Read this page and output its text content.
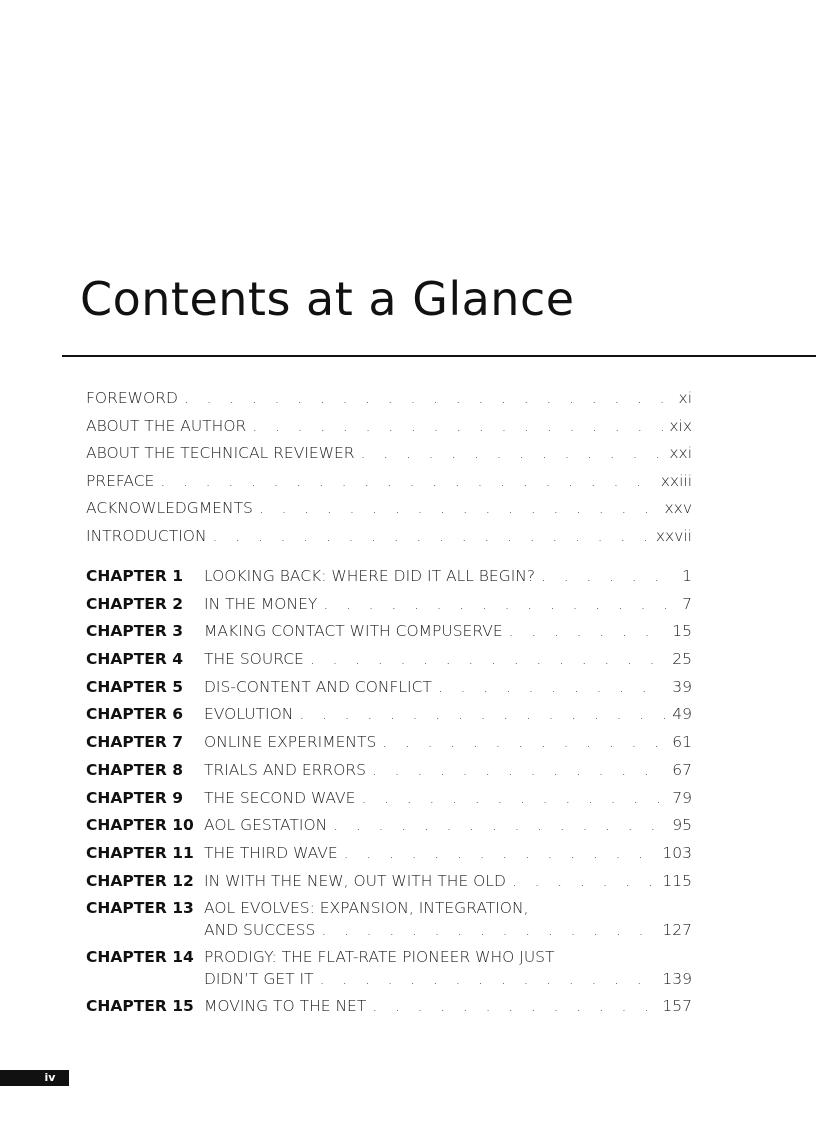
Contents at a Glance
FOREWORD . . .	xi
ABOUT THE AUTHOR . . .	xix
ABOUT THE TECHNICAL REVIEWER . . .	xxi
PREFACE . . .	xxiii
ACKNOWLEDGMENTS . . .	xxv
INTRODUCTION . . .	xxvii
CHAPTER 1	LOOKING BACK: WHERE DID IT ALL BEGIN? . . .	1
CHAPTER 2	IN THE MONEY . . .	7
CHAPTER 3	MAKING CONTACT WITH COMPUSERVE . . .	15
CHAPTER 4	THE SOURCE . . .	25
CHAPTER 5	DIS-CONTENT AND CONFLICT . . .	39
CHAPTER 6	EVOLUTION . . .	49
CHAPTER 7	ONLINE EXPERIMENTS . . .	61
CHAPTER 8	TRIALS AND ERRORS . . .	67
CHAPTER 9	THE SECOND WAVE . . .	79
CHAPTER 10 AOL GESTATION . . .	95
CHAPTER 11 THE THIRD WAVE . . .	103
CHAPTER 12 IN WITH THE NEW, OUT WITH THE OLD . . .	115
CHAPTER 13 AOL EVOLVES: EXPANSION, INTEGRATION,
AND SUCCESS . . .	127
CHAPTER 14 PRODIGY: THE FLAT-RATE PIONEER WHO JUST
DIDN’T GET IT . . .	139
CHAPTER 15 MOVING TO THE NET . . .	157
iv
